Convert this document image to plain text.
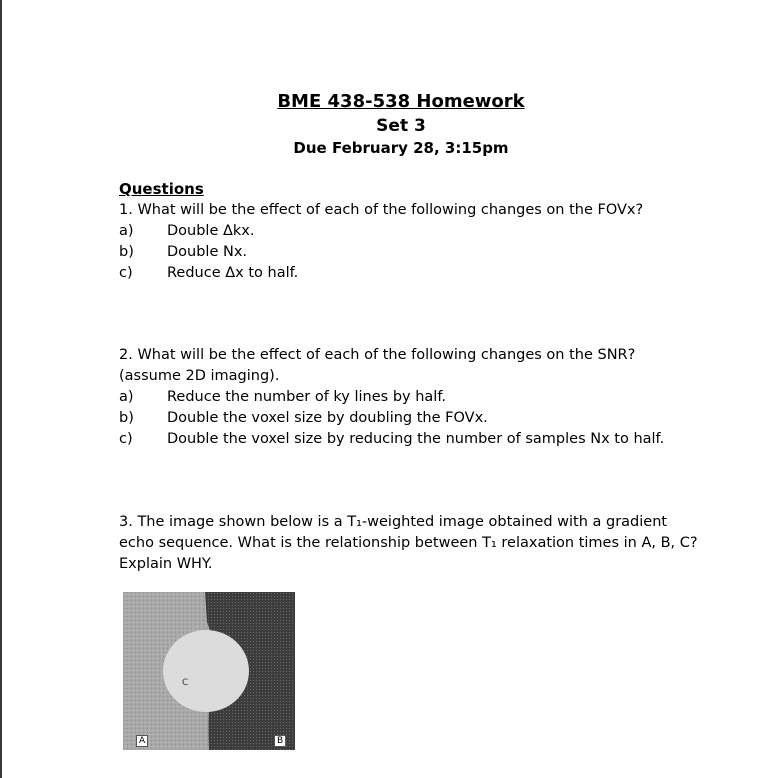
BME 438-538 Homework
Set 3
Due February 28, 3:15pm
Questions
1. What will be the effect of each of the following changes on the FOVx?
a) Double Δkx.
b) Double Nx.
c) Reduce Δx to half.
2. What will be the effect of each of the following changes on the SNR?
(assume 2D imaging).
a) Reduce the number of ky lines by half.
b) Double the voxel size by doubling the FOVx.
c) Double the voxel size by reducing the number of samples Nx to half.
3. The image shown below is a T₁-weighted image obtained with a gradient
echo sequence. What is the relationship between T₁ relaxation times in A, B, C?
Explain WHY.
C
A	B
